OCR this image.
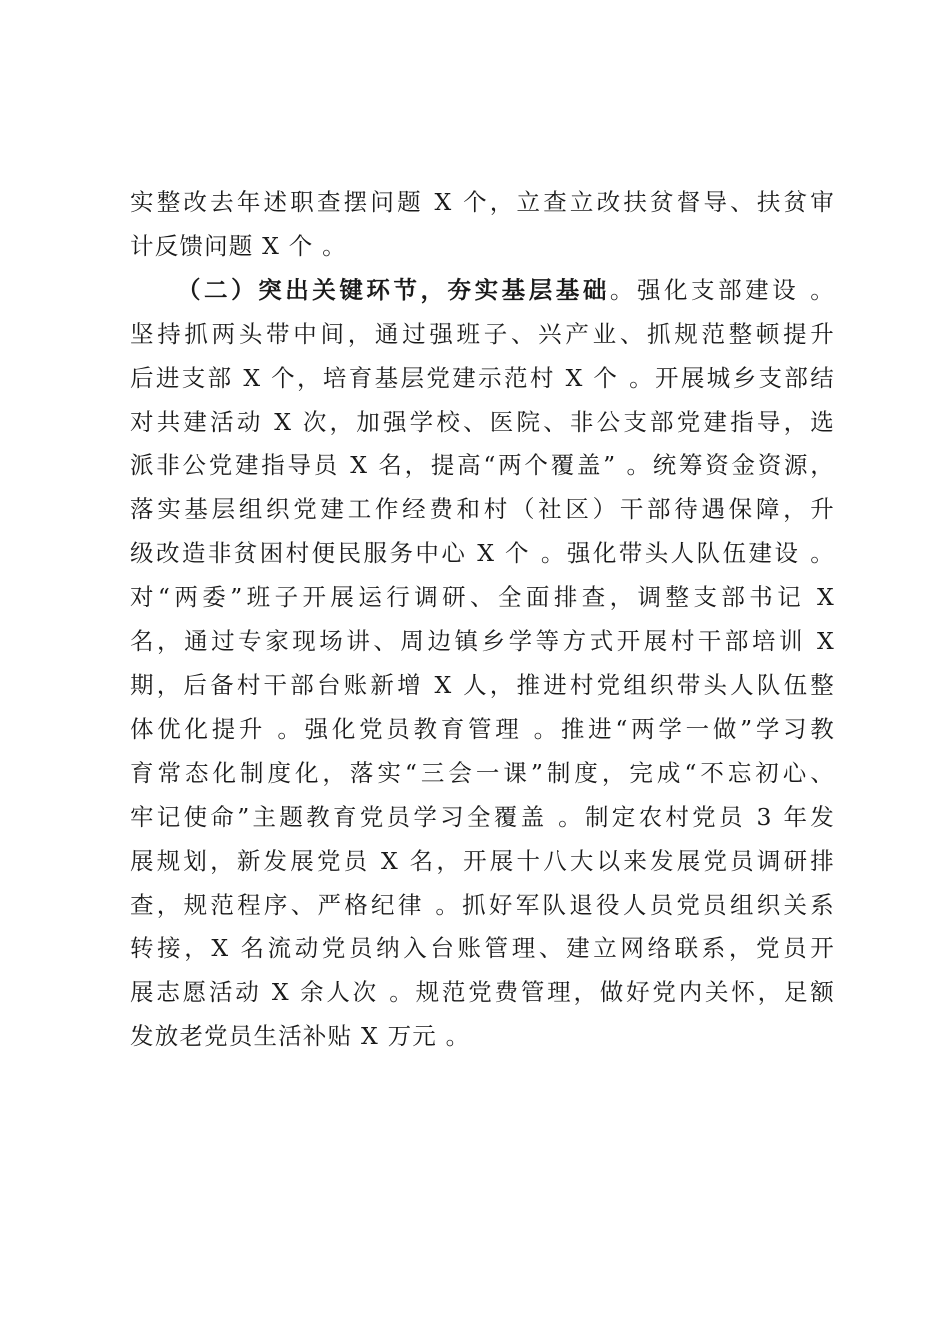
实整改去年述职查摆问题 X 个，立查立改扶贫督导、扶贫审
计反馈问题 X 个 。
（二）突出关键环节，夯实基层基础。强化支部建设 。
坚持抓两头带中间，通过强班子、兴产业、抓规范整顿提升
后进支部 X 个，培育基层党建示范村 X 个 。开展城乡支部结
对共建活动 X 次，加强学校、医院、非公支部党建指导，选
派非公党建指导员 X 名，提高“两个覆盖” 。统筹资金资源，
落实基层组织党建工作经费和村（社区）干部待遇保障，升
级改造非贫困村便民服务中心 X 个 。强化带头人队伍建设 。
对“两委”班子开展运行调研、全面排查，调整支部书记 X
名，通过专家现场讲、周边镇乡学等方式开展村干部培训 X
期，后备村干部台账新增 X 人，推进村党组织带头人队伍整
体优化提升 。强化党员教育管理 。推进“两学一做”学习教
育常态化制度化，落实“三会一课”制度，完成“不忘初心、
牢记使命”主题教育党员学习全覆盖 。制定农村党员 3 年发
展规划，新发展党员 X 名，开展十八大以来发展党员调研排
查，规范程序、严格纪律 。抓好军队退役人员党员组织关系
转接，X 名流动党员纳入台账管理、建立网络联系，党员开
展志愿活动 X 余人次 。规范党费管理，做好党内关怀，足额
发放老党员生活补贴 X 万元 。
